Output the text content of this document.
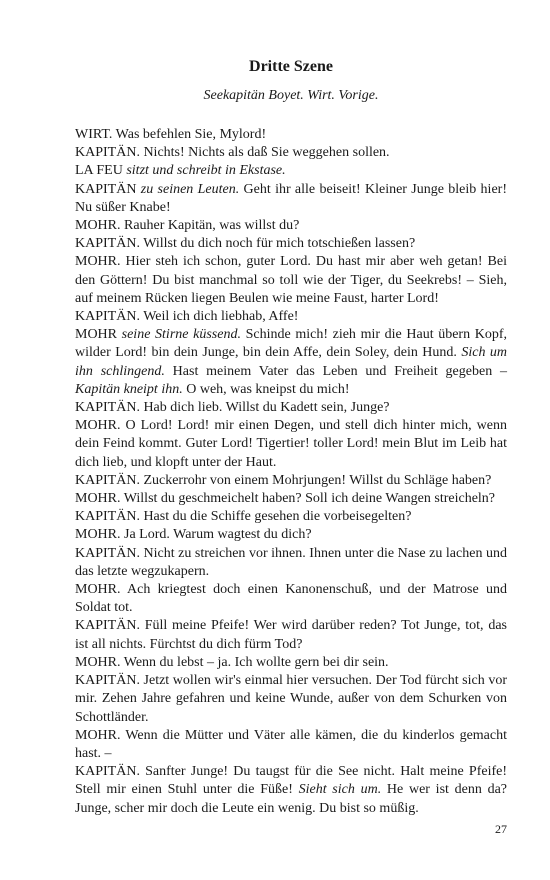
Dritte Szene
Seekapitän Boyet. Wirt. Vorige.

WIRT. Was befehlen Sie, Mylord!

KAPITÄN. Nichts! Nichts als daß Sie weggehen sollen.

LA FEU sitzt und schreibt in Ekstase.

KAPITÄN zu seinen Leuten. Geht ihr alle beiseit! Kleiner Junge bleib hier! Nu süßer Knabe!

MOHR. Rauher Kapitän, was willst du?

KAPITÄN. Willst du dich noch für mich totschießen lassen?

MOHR. Hier steh ich schon, guter Lord. Du hast mir aber weh getan! Bei den Göttern! Du bist manchmal so toll wie der Tiger, du Seekrebs! – Sieh, auf meinem Rücken liegen Beulen wie meine Faust, harter Lord!

KAPITÄN. Weil ich dich liebhab, Affe!

MOHR seine Stirne küssend. Schinde mich! zieh mir die Haut übern Kopf, wilder Lord! bin dein Junge, bin dein Affe, dein Soley, dein Hund. Sich um ihn schlingend. Hast meinem Vater das Leben und Freiheit gegeben – Kapitän kneipt ihn. O weh, was kneipst du mich!

KAPITÄN. Hab dich lieb. Willst du Kadett sein, Junge?

MOHR. O Lord! Lord! mir einen Degen, und stell dich hinter mich, wenn dein Feind kommt. Guter Lord! Tigertier! toller Lord! mein Blut im Leib hat dich lieb, und klopft unter der Haut.

KAPITÄN. Zuckerrohr von einem Mohrjungen! Willst du Schläge haben?

MOHR. Willst du geschmeichelt haben? Soll ich deine Wangen streicheln?

KAPITÄN. Hast du die Schiffe gesehen die vorbeisegelten?

MOHR. Ja Lord. Warum wagtest du dich?

KAPITÄN. Nicht zu streichen vor ihnen. Ihnen unter die Nase zu lachen und das letzte wegzukapern.

MOHR. Ach kriegtest doch einen Kanonenschuß, und der Matrose und Soldat tot.

KAPITÄN. Füll meine Pfeife! Wer wird darüber reden? Tot Junge, tot, das ist all nichts. Fürchtst du dich fürm Tod?

MOHR. Wenn du lebst – ja. Ich wollte gern bei dir sein.

KAPITÄN. Jetzt wollen wir's einmal hier versuchen. Der Tod fürcht sich vor mir. Zehen Jahre gefahren und keine Wunde, außer von dem Schurken von Schottländer.

MOHR. Wenn die Mütter und Väter alle kämen, die du kinderlos gemacht hast. –

KAPITÄN. Sanfter Junge! Du taugst für die See nicht. Halt meine Pfeife! Stell mir einen Stuhl unter die Füße! Sieht sich um. He wer ist denn da? Junge, scher mir doch die Leute ein wenig. Du bist so müßig.

27
